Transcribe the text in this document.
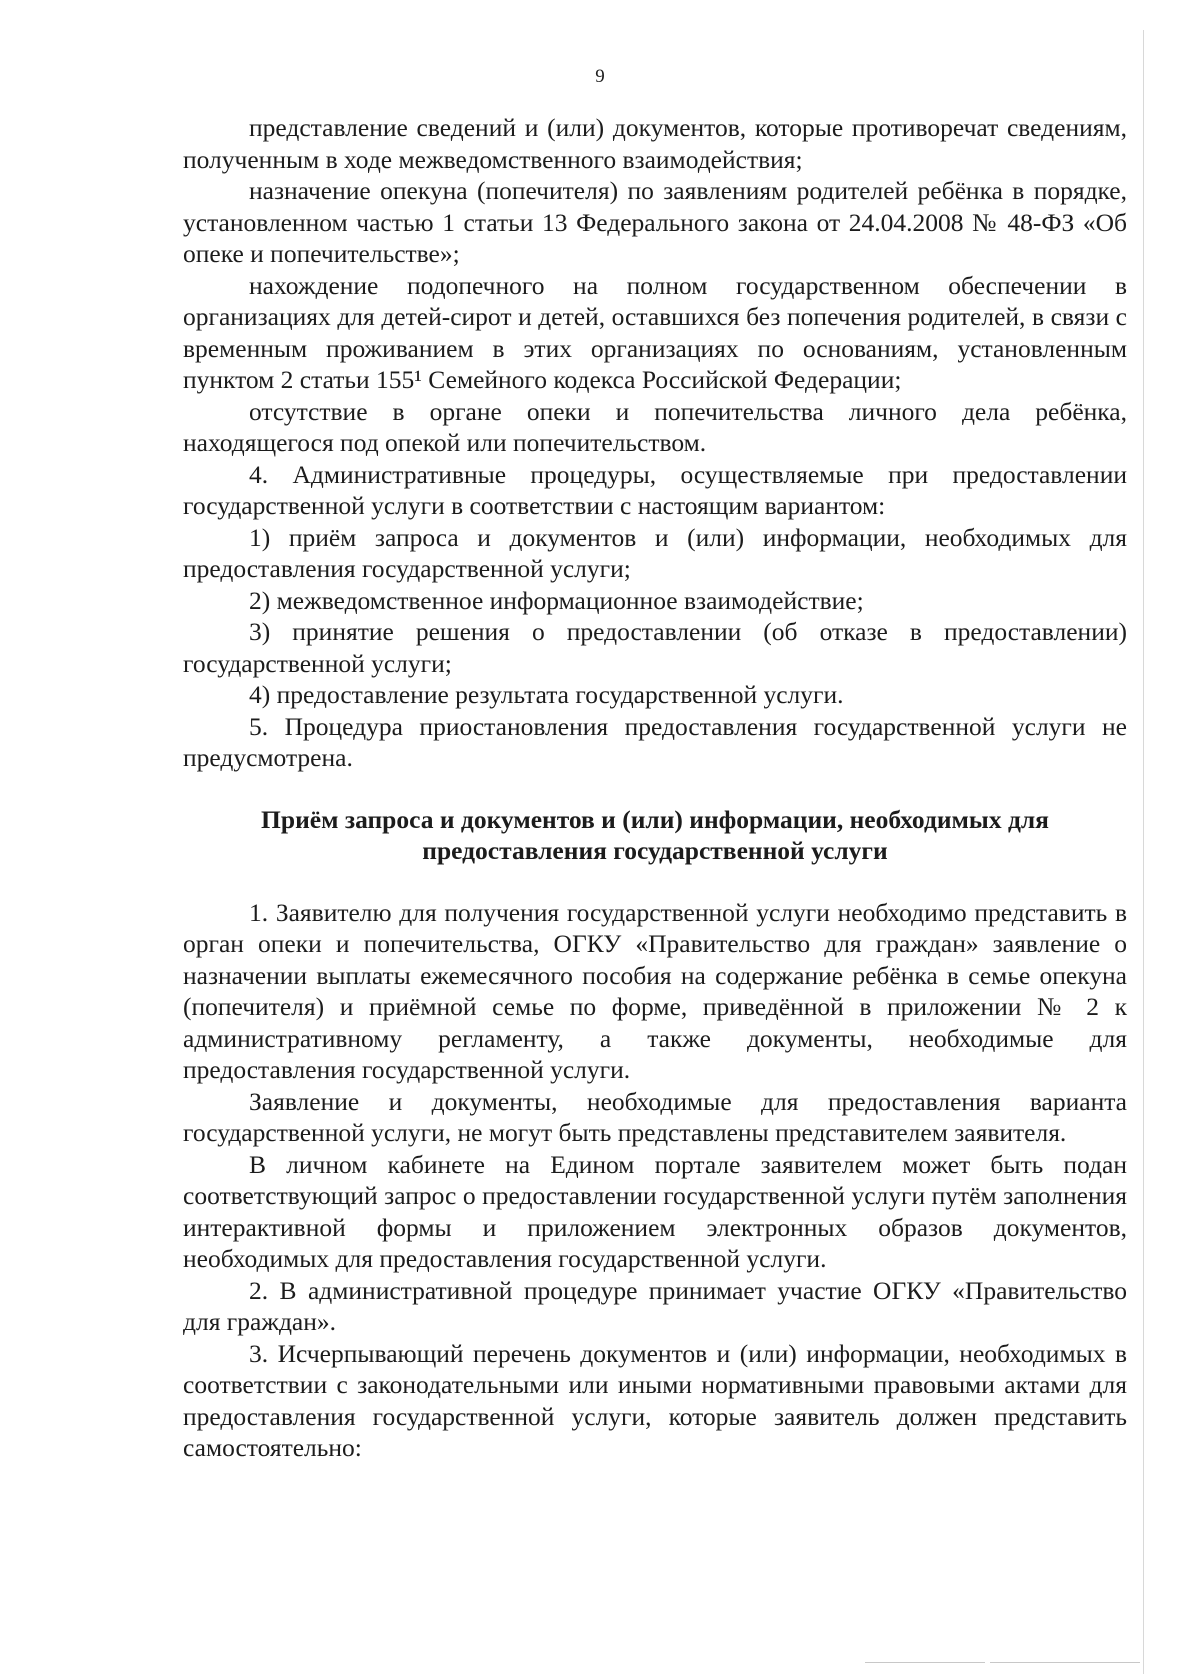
9

представление сведений и (или) документов, которые противоречат сведениям, полученным в ходе межведомственного взаимодействия;

назначение опекуна (попечителя) по заявлениям родителей ребёнка в порядке, установленном частью 1 статьи 13 Федерального закона от 24.04.2008 № 48-ФЗ «Об опеке и попечительстве»;

нахождение подопечного на полном государственном обеспечении в организациях для детей-сирот и детей, оставшихся без попечения родителей, в связи с временным проживанием в этих организациях по основаниям, установленным пунктом 2 статьи 155¹ Семейного кодекса Российской Федерации;

отсутствие в органе опеки и попечительства личного дела ребёнка, находящегося под опекой или попечительством.

4. Административные процедуры, осуществляемые при предоставлении государственной услуги в соответствии с настоящим вариантом:

1) приём запроса и документов и (или) информации, необходимых для предоставления государственной услуги;

2) межведомственное информационное взаимодействие;

3) принятие решения о предоставлении (об отказе в предоставлении) государственной услуги;

4) предоставление результата государственной услуги.

5. Процедура приостановления предоставления государственной услуги не предусмотрена.

Приём запроса и документов и (или) информации, необходимых для предоставления государственной услуги

1. Заявителю для получения государственной услуги необходимо представить в орган опеки и попечительства, ОГКУ «Правительство для граждан» заявление о назначении выплаты ежемесячного пособия на содержание ребёнка в семье опекуна (попечителя) и приёмной семье по форме, приведённой в приложении № 2 к административному регламенту, а также документы, необходимые для предоставления государственной услуги.

Заявление и документы, необходимые для предоставления варианта государственной услуги, не могут быть представлены представителем заявителя.

В личном кабинете на Едином портале заявителем может быть подан соответствующий запрос о предоставлении государственной услуги путём заполнения интерактивной формы и приложением электронных образов документов, необходимых для предоставления государственной услуги.

2. В административной процедуре принимает участие ОГКУ «Правительство для граждан».

3. Исчерпывающий перечень документов и (или) информации, необходимых в соответствии с законодательными или иными нормативными правовыми актами для предоставления государственной услуги, которые заявитель должен представить самостоятельно:
